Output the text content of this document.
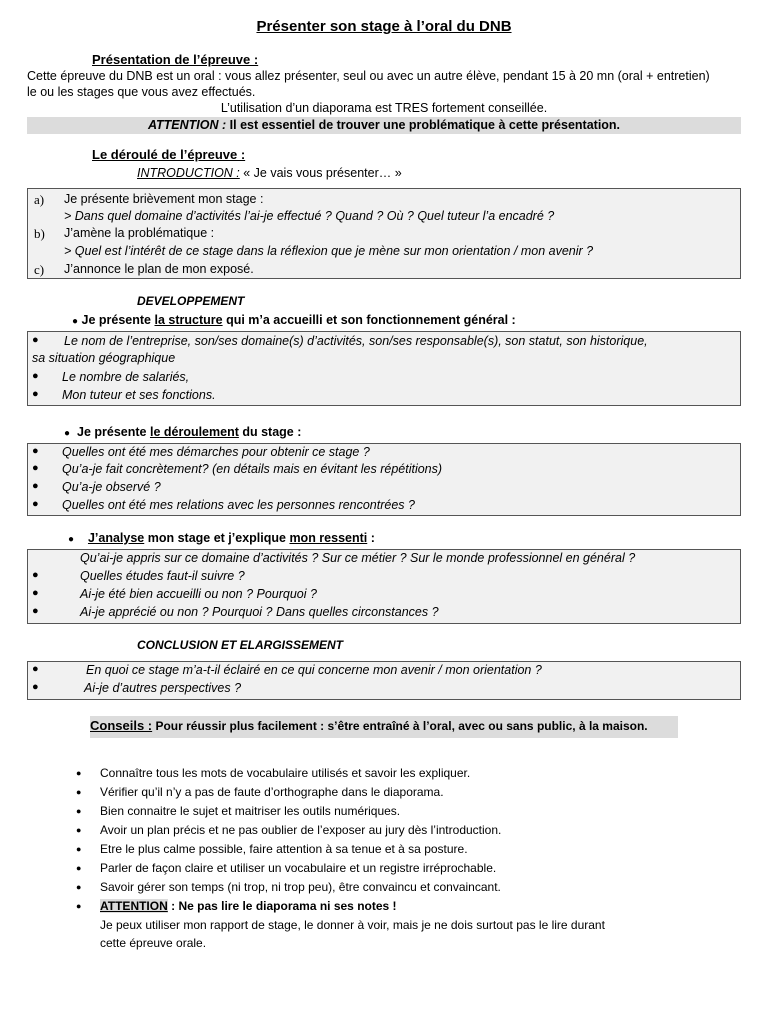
Présenter son stage à l’oral du DNB
Présentation de l’épreuve :
Cette épreuve du DNB est un oral : vous allez présenter, seul ou avec un autre élève, pendant 15 à 20 mn (oral + entretien)
le ou les stages que vous avez effectués.
L’utilisation d’un diaporama est TRES fortement conseillée.
ATTENTION : Il est essentiel de trouver une problématique à cette présentation.
Le déroulé de l’épreuve :
INTRODUCTION : « Je vais vous présenter… »
a) Je présente brièvement mon stage :
> Dans quel domaine d’activités l’ai-je effectué ? Quand ? Où ? Quel tuteur l’a encadré ?
b) J’amène la problématique :
> Quel est l’intérêt de ce stage dans la réflexion que je mène sur mon orientation / mon avenir ?
c) J’annonce le plan de mon exposé.
DEVELOPPEMENT
● Je présente la structure qui m’a accueilli et son fonctionnement général :
● Le nom de l’entreprise, son/ses domaine(s) d’activités, son/ses responsable(s), son statut, son historique,
sa situation géographique
● Le nombre de salariés,
● Mon tuteur et ses fonctions.
● Je présente le déroulement du stage :
● Quelles ont été mes démarches pour obtenir ce stage ?
● Qu’a-je fait concrètement? (en détails mais en évitant les répétitions)
● Qu’a-je observé ?
● Quelles ont été mes relations avec les personnes rencontrées ?
● J’analyse mon stage et j’explique mon ressenti :
Qu’ai-je appris sur ce domaine d’activités ? Sur ce métier ? Sur le monde professionnel en général ?
●	Quelles études faut-il suivre ?
●	Ai-je été bien accueilli ou non ? Pourquoi ?
●	Ai-je apprécié ou non ? Pourquoi ? Dans quelles circonstances ?
CONCLUSION ET ELARGISSEMENT
●	En quoi ce stage m’a-t-il éclairé en ce qui concerne mon avenir / mon orientation ?
●	Ai-je d’autres perspectives ?
Conseils : Pour réussir plus facilement : s’être entraîné à l’oral, avec ou sans public, à la maison.
● Connaître tous les mots de vocabulaire utilisés et savoir les expliquer.
● Vérifier qu’il n’y a pas de faute d’orthographe dans le diaporama.
● Bien connaitre le sujet et maitriser les outils numériques.
● Avoir un plan précis et ne pas oublier de l’exposer au jury dès l’introduction.
● Etre le plus calme possible, faire attention à sa tenue et à sa posture.
● Parler de façon claire et utiliser un vocabulaire et un registre irréprochable.
● Savoir gérer son temps (ni trop, ni trop peu), être convaincu et convaincant.
● ATTENTION : Ne pas lire le diaporama ni ses notes !
Je peux utiliser mon rapport de stage, le donner à voir, mais je ne dois surtout pas le lire durant
cette épreuve orale.
